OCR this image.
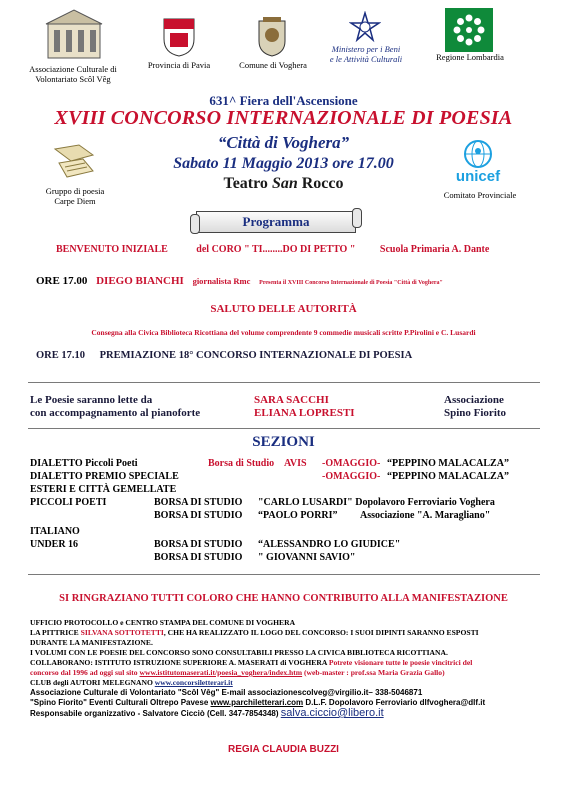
Associazione Culturale di
Volontariato Scôl Vêg
Provincia di Pavia	Comune di Voghera
Ministero per i Beni
e le Attività Culturali	Regione Lombardia
631^ Fiera dell'Ascensione
XVIII CONCORSO INTERNAZIONALE DI POESIA
Gruppo di poesia
Carpe Diem
“Città di Voghera”
Sabato 11 Maggio 2013 ore 17.00
Teatro San Rocco	unicef
Comitato Provinciale
Programma
BENVENUTO INIZIALE	del CORO " TI........DO DI PETTO " Scuola Primaria A. Dante
ORE 17.00 DIEGO BIANCHI giornalista Rmc Presenta il XVIII Concorso Internazionale di Poesia "Città di Voghera"
SALUTO DELLE AUTORITÀ
Consegna alla Civica Biblioteca Ricottiana del volume comprendente 9 commedie musicali scritte P.Pirolini e C. Lusardi
ORE 17.10 PREMIAZIONE 18° CONCORSO INTERNAZIONALE DI POESIA
Le Poesie saranno lette da	SARA SACCHI	Associazione
con accompagnamento al pianoforte	ELIANA LOPRESTI	Spino Fiorito
SEZIONI
DIALETTO Piccoli Poeti	Borsa di Studio AVIS -OMAGGIO- “PEPPINO MALACALZA”
DIALETTO PREMIO SPECIALE	-OMAGGIO- “PEPPINO MALACALZA”
ESTERI E CITTÀ GEMELLATE
PICCOLI POETI	BORSA DI STUDIO "CARLO LUSARDI" Dopolavoro Ferroviario Voghera
BORSA DI STUDIO “PAOLO PORRI” Associazione "A. Maragliano"
ITALIANO
UNDER 16	BORSA DI STUDIO “ALESSANDRO LO GIUDICE"
BORSA DI STUDIO " GIOVANNI SAVIO"
SI RINGRAZIANO TUTTI COLORO CHE HANNO CONTRIBUITO ALLA MANIFESTAZIONE
UFFICIO PROTOCOLLO e CENTRO STAMPA DEL COMUNE DI VOGHERA
LA PITTRICE SILVANA SOTTOTETTI, CHE HA REALIZZATO IL LOGO DEL CONCORSO: I SUOI DIPINTI SARANNO ESPOSTI
DURANTE LA MANIFESTAZIONE.
I VOLUMI CON LE POESIE DEL CONCORSO SONO CONSULTABILI PRESSO LA CIVICA BIBLIOTECA RICOTTIANA.
COLLABORANO: ISTITUTO ISTRUZIONE SUPERIORE A. MASERATI di VOGHERA Potrete visionare tutte le poesie vincitrici del
concorso dal 1996 ad oggi sul sito www.istitutomaserati.it/poesia_voghera/index.htm (web-master : prof.ssa Maria Grazia Gallo)
CLUB degli AUTORI MELEGNANO www.concorsiletterari.it
Associazione Culturale di Volontariato "Scôl Vêg" E-mail associazionescolveg@virgilio.it– 338-5046871
"Spino Fiorito" Eventi Culturali Oltrepo Pavese www.parchiletterari.com D.L.F. Dopolavoro Ferroviario dlfvoghera@dlf.it
Responsabile organizzativo - Salvatore Cicciò (Cell. 347-7854348) salva.ciccio@libero.it
REGIA CLAUDIA BUZZI
